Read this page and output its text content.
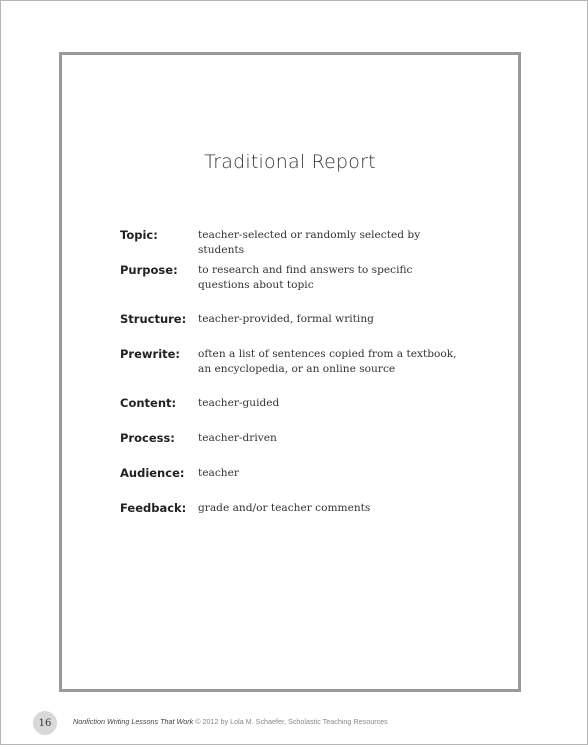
Traditional Report
Topic:	teacher-selected or randomly selected by students
Purpose:	to research and find answers to specific questions about topic
Structure:	teacher-provided, formal writing
Prewrite:	often a list of sentences copied from a textbook, an encyclopedia, or an online source
Content:	teacher-guided
Process:	teacher-driven
Audience:	teacher
Feedback:	grade and/or teacher comments
16	Nonfiction Writing Lessons That Work © 2012 by Lola M. Schaefer, Scholastic Teaching Resources
